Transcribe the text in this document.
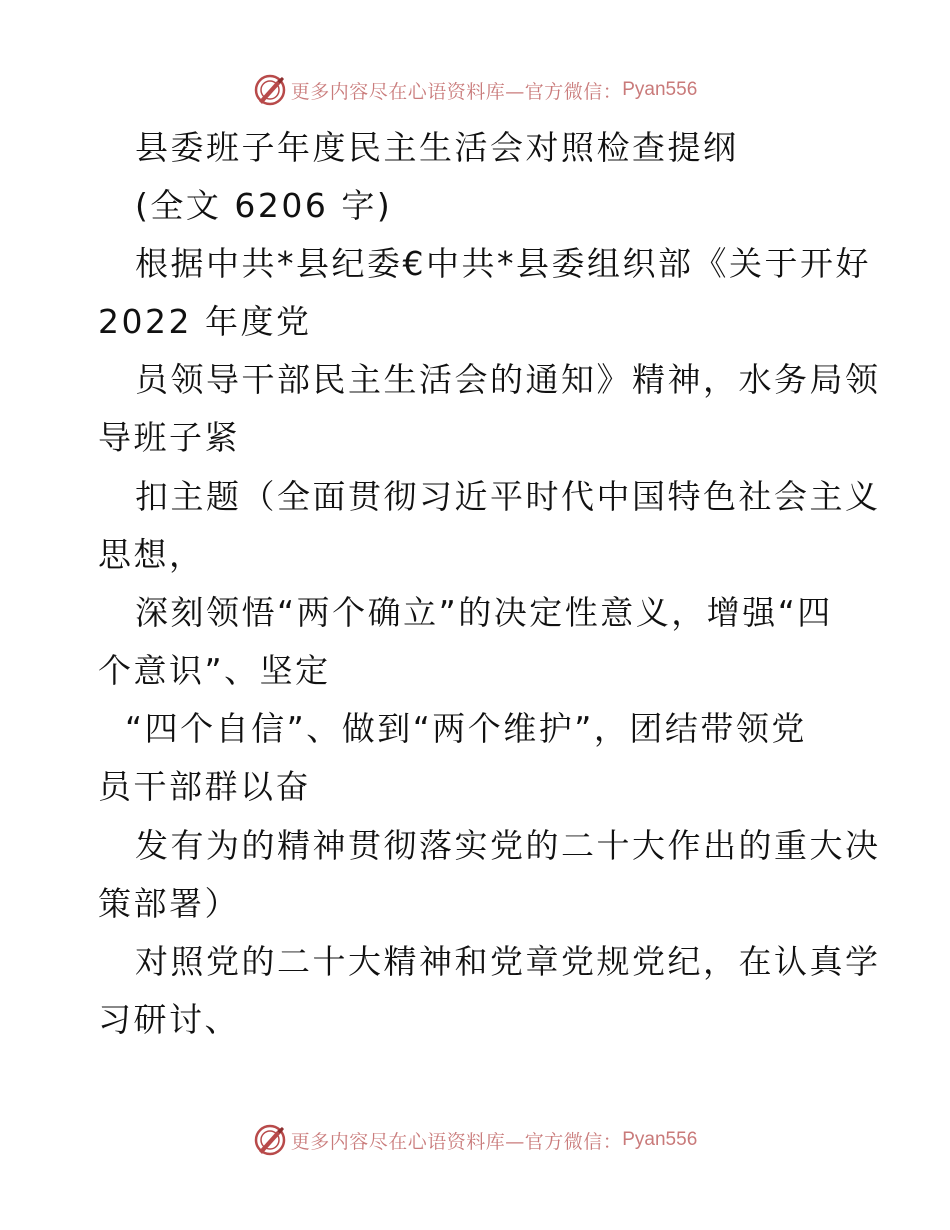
更多内容尽在心语资料库—官方微信： Pyan556
县委班子年度民主生活会对照检查提纲
(全文 6206 字)
根据中共*县纪委€中共*县委组织部《关于开好
2022 年度党
员领导干部民主生活会的通知》精神，水务局领
导班子紧
扣主题（全面贯彻习近平时代中国特色社会主义
思想，
深刻领悟“两个确立”的决定性意义，增强“四
个意识”、坚定
“四个自信”、做到“两个维护”，团结带领党
员干部群以奋
发有为的精神贯彻落实党的二十大作出的重大决
策部署）
对照党的二十大精神和党章党规党纪，在认真学
习研讨、
更多内容尽在心语资料库—官方微信： Pyan556
